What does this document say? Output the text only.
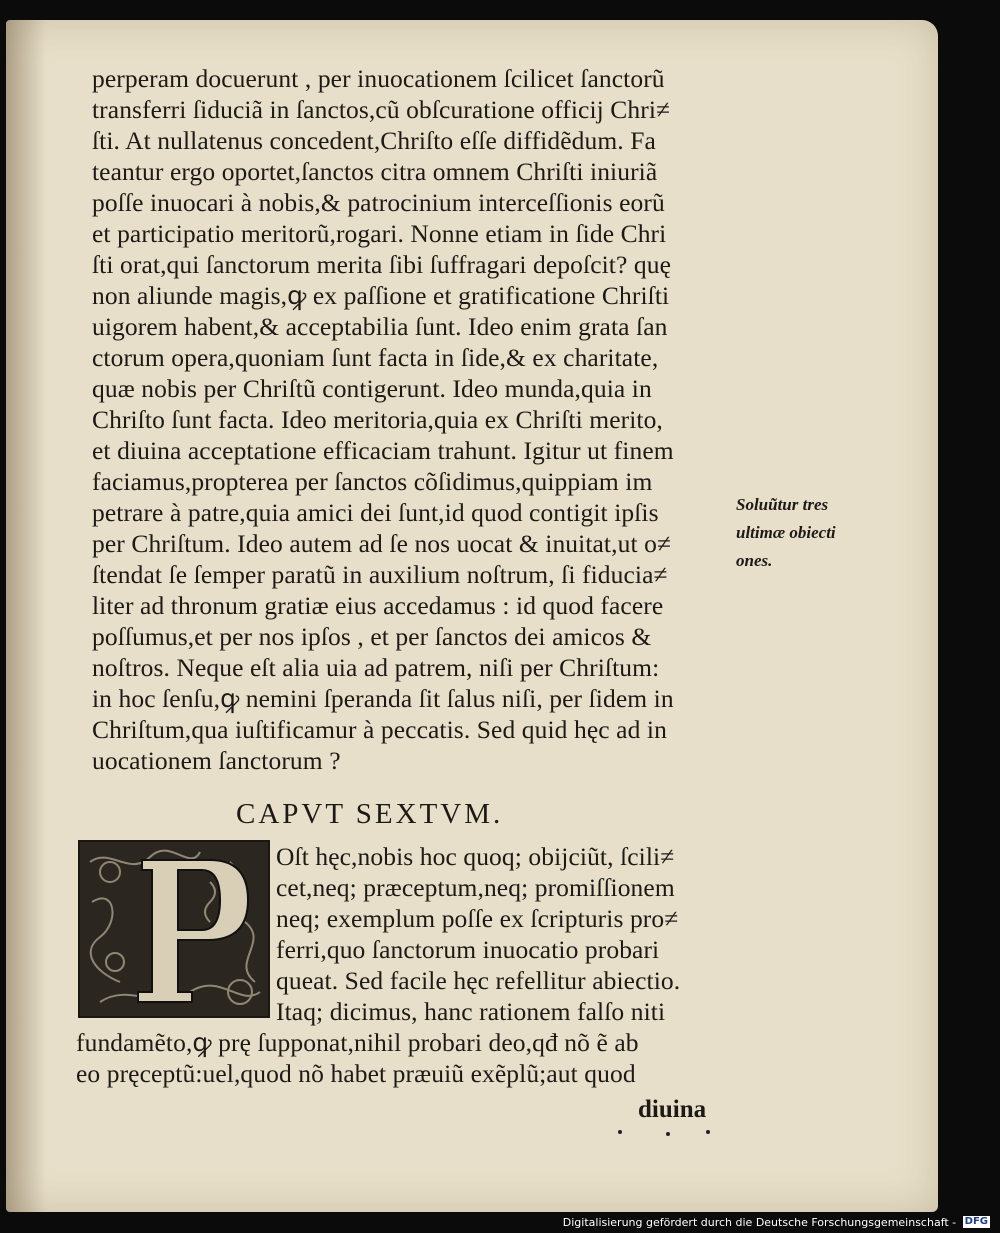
perperam docuerunt , per inuocationem ſcilicet ſanctorũ
transferri ſiduciã in ſanctos,cũ obſcuratione officij Chri≠
ſti. At nullatenus concedent,Chriſto eſſe diffidẽdum. Fa
teantur ergo oportet,ſanctos citra omnem Chriſti iniuriã
poſſe inuocari à nobis,& patrocinium interceſſionis eorũ
et participatio meritorũ,rogari. Nonne etiam in ſide Chri
ſti orat,qui ſanctorum merita ſibi ſuffragari depoſcit? quę
non aliunde magis,ꝙ ex paſſione et gratificatione Chriſti
uigorem habent,& acceptabilia ſunt. Ideo enim grata ſan
ctorum opera,quoniam ſunt facta in ſide,& ex charitate,
quæ nobis per Chriſtũ contigerunt. Ideo munda,quia in
Chriſto ſunt facta. Ideo meritoria,quia ex Chriſti merito,
et diuina acceptatione efficaciam trahunt. Igitur ut finem
faciamus,propterea per ſanctos cõſidimus,quippiam im
petrare à patre,quia amici dei ſunt,id quod contigit ipſis
per Chriſtum. Ideo autem ad ſe nos uocat & inuitat,ut o≠
ſtendat ſe ſemper paratũ in auxilium noſtrum, ſi fiducia≠
liter ad thronum gratiæ eius accedamus : id quod facere
poſſumus,et per nos ipſos , et per ſanctos dei amicos &
noſtros. Neque eſt alia uia ad patrem, niſi per Chriſtum:
in hoc ſenſu,ꝙ nemini ſperanda ſit ſalus niſi, per ſidem in
Chriſtum,qua iuſtificamur à peccatis. Sed quid hęc ad in
uocationem ſanctorum ?
Soluũtur tres
ultimæ obiecti
ones.
CAPVT SEXTVM.
Oſt hęc,nobis hoc quoq; obijciũt, ſcili≠
cet,neq; præceptum,neq; promiſſionem
neq; exemplum poſſe ex ſcripturis pro≠
ferri,quo ſanctorum inuocatio probari
queat. Sed facile hęc refellitur abiectio.
Itaq; dicimus, hanc rationem falſo niti
fundamẽto,ꝙ prę ſupponat,nihil probari deo,qđ nõ ẽ ab
eo pręceptũ:uel,quod nõ habet præuiũ exẽplũ;aut quod
diuina
Digitalisierung gefördert durch die Deutsche Forschungsgemeinschaft - DFG
